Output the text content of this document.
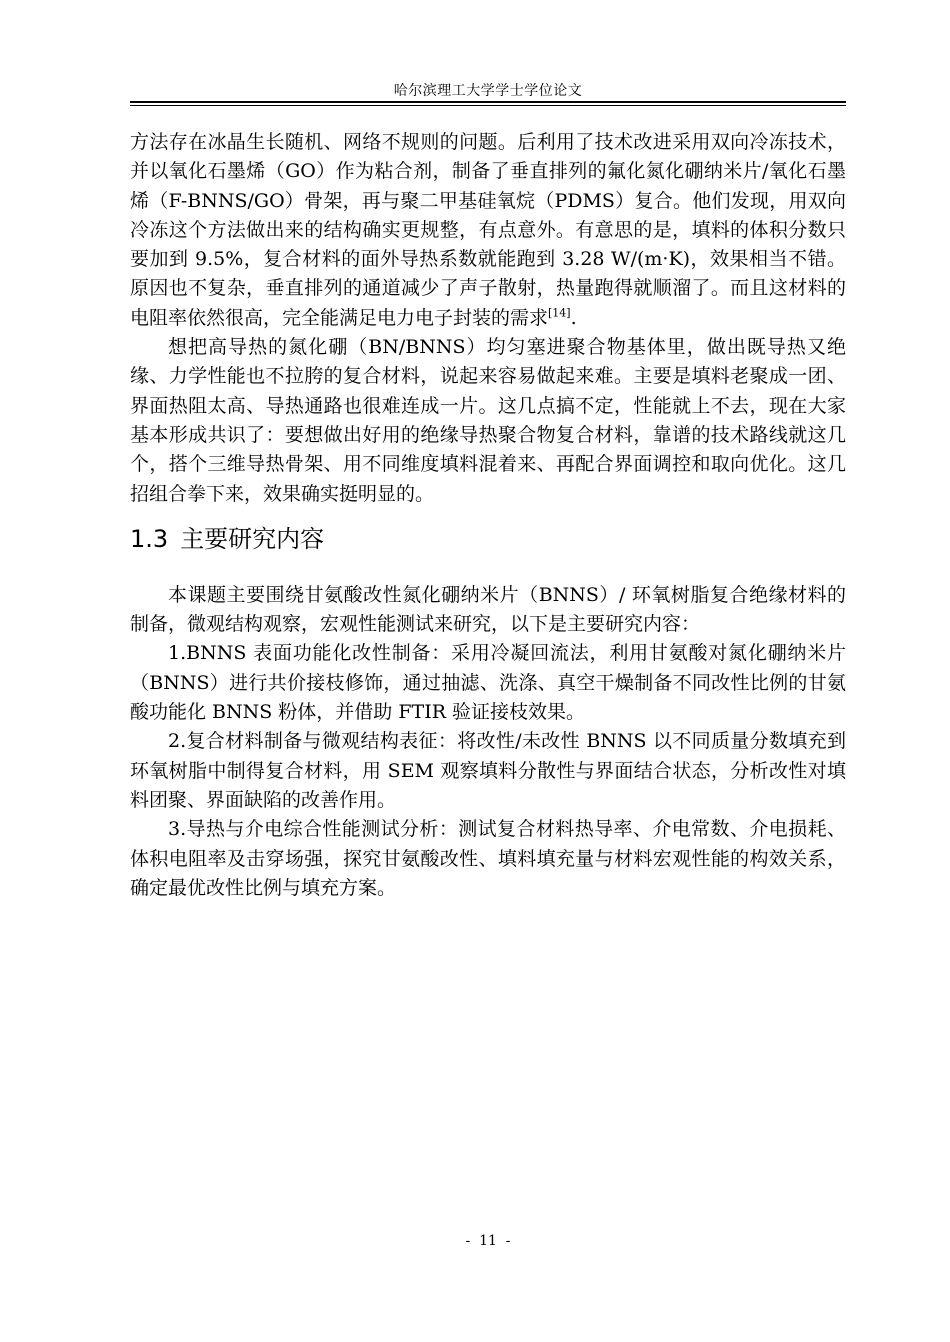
哈尔滨理工大学学士学位论文

方法存在冰晶生长随机、网络不规则的问题。后利用了技术改进采用双向冷冻技术，并以氧化石墨烯（GO）作为粘合剂，制备了垂直排列的氟化氮化硼纳米片/氧化石墨烯（F-BNNS/GO）骨架，再与聚二甲基硅氧烷（PDMS）复合。他们发现，用双向冷冻这个方法做出来的结构确实更规整，有点意外。有意思的是，填料的体积分数只要加到 9.5%，复合材料的面外导热系数就能跑到 3.28 W/(m·K)，效果相当不错。原因也不复杂，垂直排列的通道减少了声子散射，热量跑得就顺溜了。而且这材料的电阻率依然很高，完全能满足电力电子封装的需求[14].

想把高导热的氮化硼（BN/BNNS）均匀塞进聚合物基体里，做出既导热又绝缘、力学性能也不拉胯的复合材料，说起来容易做起来难。主要是填料老聚成一团、界面热阻太高、导热通路也很难连成一片。这几点搞不定，性能就上不去，现在大家基本形成共识了：要想做出好用的绝缘导热聚合物复合材料，靠谱的技术路线就这几个，搭个三维导热骨架、用不同维度填料混着来、再配合界面调控和取向优化。这几招组合拳下来，效果确实挺明显的。

1.3 主要研究内容

本课题主要围绕甘氨酸改性氮化硼纳米片（BNNS）/ 环氧树脂复合绝缘材料的制备，微观结构观察，宏观性能测试来研究，以下是主要研究内容：

1.BNNS 表面功能化改性制备：采用冷凝回流法，利用甘氨酸对氮化硼纳米片（BNNS）进行共价接枝修饰，通过抽滤、洗涤、真空干燥制备不同改性比例的甘氨酸功能化 BNNS 粉体，并借助 FTIR 验证接枝效果。

2.复合材料制备与微观结构表征：将改性/未改性 BNNS 以不同质量分数填充到环氧树脂中制得复合材料，用 SEM 观察填料分散性与界面结合状态，分析改性对填料团聚、界面缺陷的改善作用。

3.导热与介电综合性能测试分析：测试复合材料热导率、介电常数、介电损耗、体积电阻率及击穿场强，探究甘氨酸改性、填料填充量与材料宏观性能的构效关系，确定最优改性比例与填充方案。

-  11  -
